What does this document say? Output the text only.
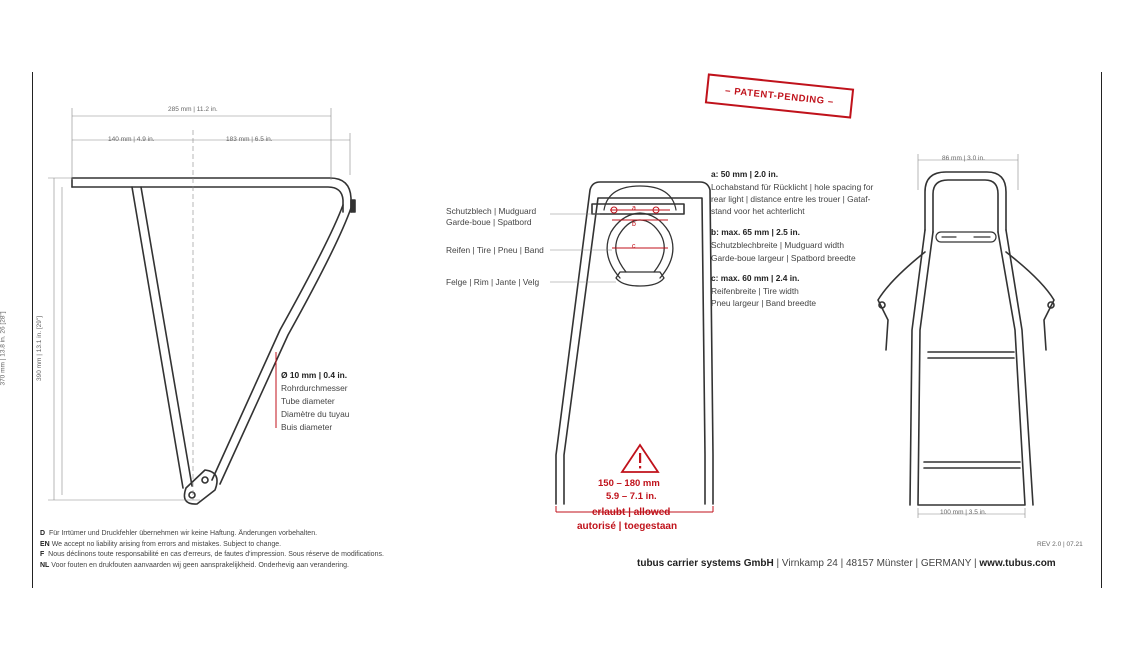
– PATENT-PENDING –
285 mm | 11.2 in.
140 mm | 4.9 in.	183 mm | 6.5 in.
370 mm | 13.8 in. 26 [28"]	390 mm | 13.1 in. [29"]	Ø 10 mm | 0.4 in.
Rohrdurchmesser
Tube diameter
Diamètre du tuyau
Buis diameter
Schutzblech | Mudguard
Garde-boue | Spatbord
Reifen | Tire | Pneu | Band
Felge | Rim | Jante | Velg
a
b
c
150 – 180 mm
5.9 – 7.1 in.
erlaubt | allowed
autorisé | toegestaan
a: 50 mm | 2.0 in.
Lochabstand für Rücklicht | hole spacing for
rear light | distance entre les trouer | Gataf-
stand voor het achterlicht
b: max. 65 mm | 2.5 in.
Schutzblechbreite | Mudguard width
Garde-boue largeur | Spatbord breedte
c: max. 60 mm | 2.4 in.
Reifenbreite | Tire width
Pneu largeur | Band breedte
86 mm | 3.0 in.
100 mm | 3.5 in.
D Für Irrtümer und Druckfehler übernehmen wir keine Haftung. Änderungen vorbehalten.
EN We accept no liability arising from errors and mistakes. Subject to change.
F Nous déclinons toute responsabilité en cas d'erreurs, de fautes d'impression. Sous réserve de modifications.
NL Voor fouten en drukfouten aanvaarden wij geen aansprakelijkheid. Onderhevig aan verandering.
REV 2.0 | 07.21
tubus carrier systems GmbH | Virnkamp 24 | 48157 Münster | GERMANY | www.tubus.com
